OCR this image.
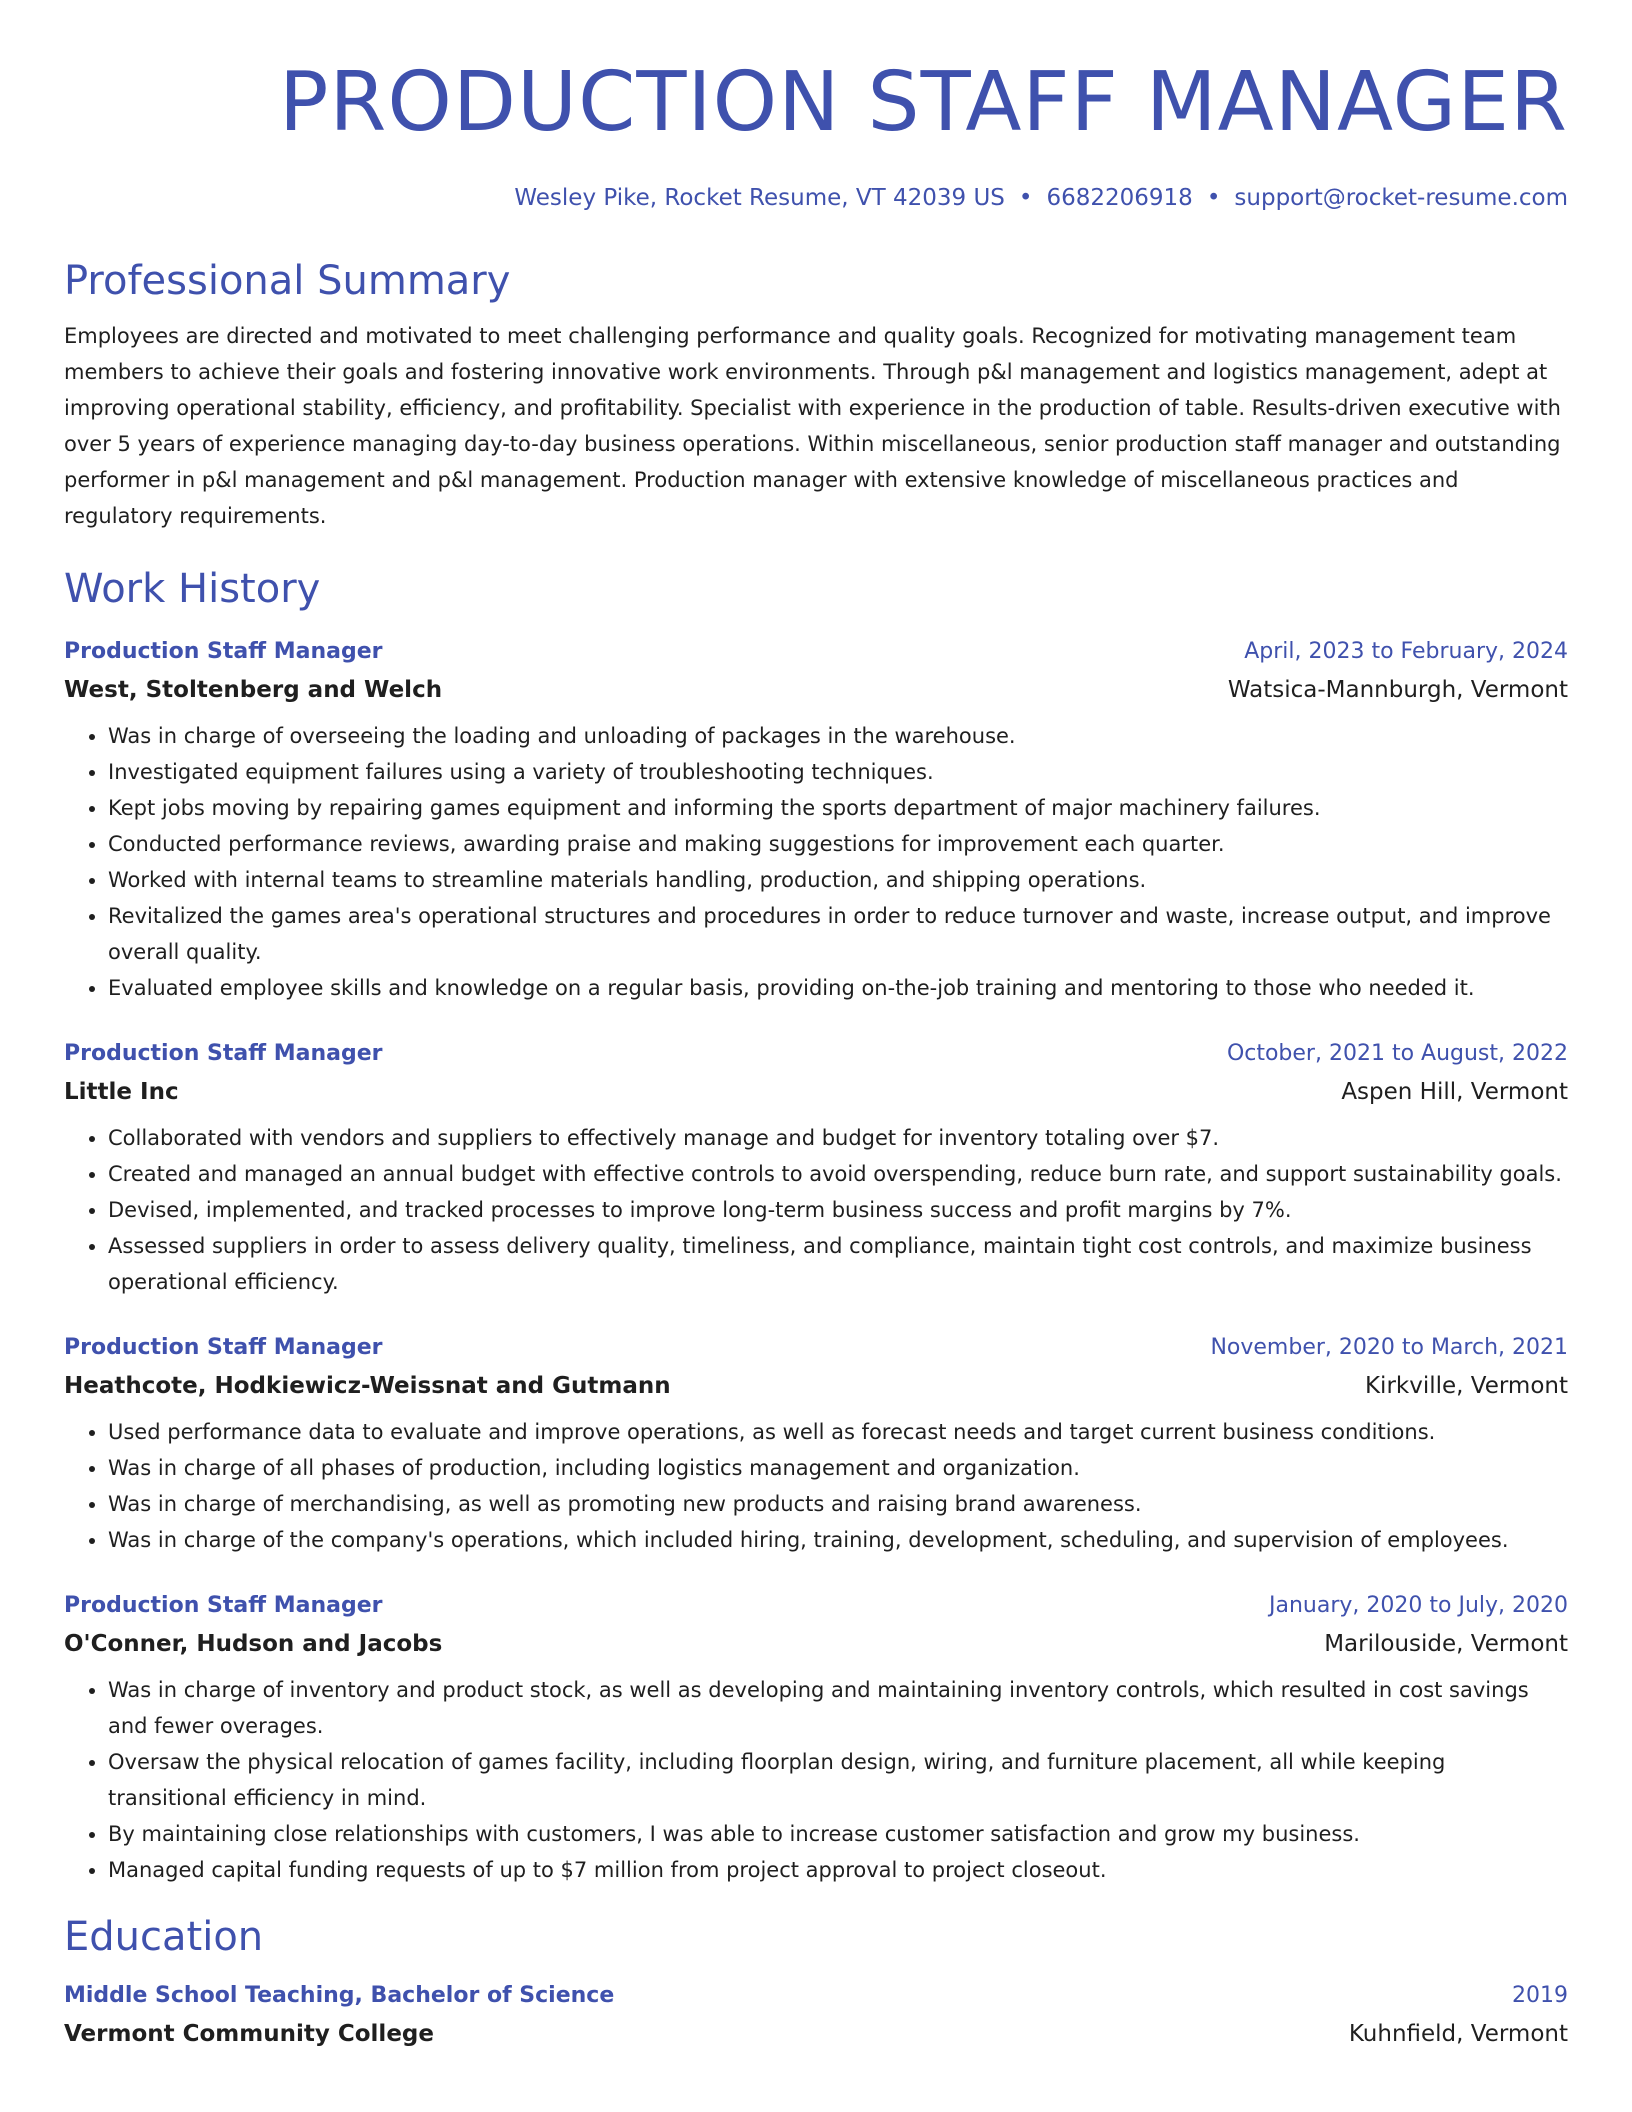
PRODUCTION STAFF MANAGER
Wesley Pike, Rocket Resume, VT 42039 US • 6682206918 • support@rocket-resume.com
Professional Summary
Employees are directed and motivated to meet challenging performance and quality goals. Recognized for motivating management team members to achieve their goals and fostering innovative work environments. Through p&l management and logistics management, adept at improving operational stability, efficiency, and profitability. Specialist with experience in the production of table. Results-driven executive with over 5 years of experience managing day-to-day business operations. Within miscellaneous, senior production staff manager and outstanding performer in p&l management and p&l management. Production manager with extensive knowledge of miscellaneous practices and regulatory requirements.
Work History
Production Staff Manager	April, 2023 to February, 2024
West, Stoltenberg and Welch	Watsica-Mannburgh, Vermont
• Was in charge of overseeing the loading and unloading of packages in the warehouse.
• Investigated equipment failures using a variety of troubleshooting techniques.
• Kept jobs moving by repairing games equipment and informing the sports department of major machinery failures.
• Conducted performance reviews, awarding praise and making suggestions for improvement each quarter.
• Worked with internal teams to streamline materials handling, production, and shipping operations.
• Revitalized the games area's operational structures and procedures in order to reduce turnover and waste, increase output, and improve overall quality.
• Evaluated employee skills and knowledge on a regular basis, providing on-the-job training and mentoring to those who needed it.
Production Staff Manager	October, 2021 to August, 2022
Little Inc	Aspen Hill, Vermont
• Collaborated with vendors and suppliers to effectively manage and budget for inventory totaling over $7.
• Created and managed an annual budget with effective controls to avoid overspending, reduce burn rate, and support sustainability goals.
• Devised, implemented, and tracked processes to improve long-term business success and profit margins by 7%.
• Assessed suppliers in order to assess delivery quality, timeliness, and compliance, maintain tight cost controls, and maximize business operational efficiency.
Production Staff Manager	November, 2020 to March, 2021
Heathcote, Hodkiewicz-Weissnat and Gutmann	Kirkville, Vermont
• Used performance data to evaluate and improve operations, as well as forecast needs and target current business conditions.
• Was in charge of all phases of production, including logistics management and organization.
• Was in charge of merchandising, as well as promoting new products and raising brand awareness.
• Was in charge of the company's operations, which included hiring, training, development, scheduling, and supervision of employees.
Production Staff Manager	January, 2020 to July, 2020
O'Conner, Hudson and Jacobs	Marilouside, Vermont
• Was in charge of inventory and product stock, as well as developing and maintaining inventory controls, which resulted in cost savings and fewer overages.
• Oversaw the physical relocation of games facility, including floorplan design, wiring, and furniture placement, all while keeping transitional efficiency in mind.
• By maintaining close relationships with customers, I was able to increase customer satisfaction and grow my business.
• Managed capital funding requests of up to $7 million from project approval to project closeout.
Education
Middle School Teaching, Bachelor of Science	2019
Vermont Community College	Kuhnfield, Vermont
